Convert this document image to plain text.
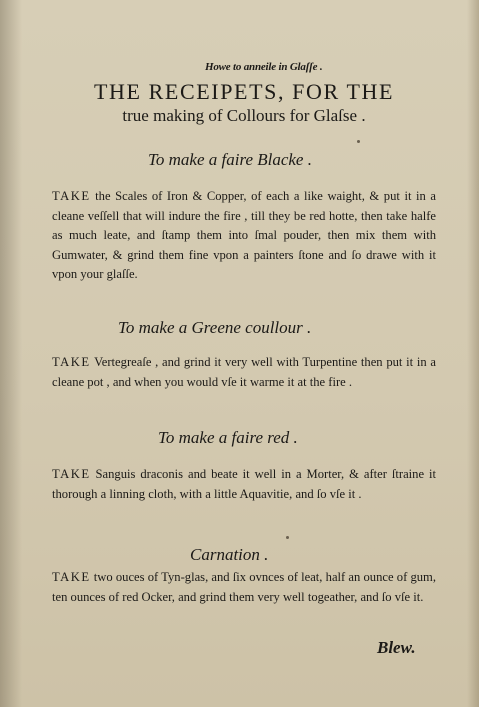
Howe to anneile in Glaſſe .
THE RECEIPETS, FOR THE
true making of Collours for Glaſse .
To make a faire Blacke .
TAKE the Scales of Iron & Copper, of each a like waight, & put it in a cleane veſſell that will indure the fire , till they be red hotte, then take halfe as much leate, and ſtamp them into ſmal pouder, then mix them with Gumwater, & grind them fine vpon a painters ſtone and ſo drawe with it vpon your glaſſe.
To make a Greene coullour .
TAKE Vertegreaſe , and grind it very well with Turpentine then put it in a cleane pot , and when you would vſe it warme it at the fire .
To make a faire red .
TAKE Sanguis draconis and beate it well in a Morter, & after ſtraine it thorough a linning cloth, with a little Aquavitie, and ſo vſe it .
Carnation .
TAKE two ouces of Tyn-glas, and ſix ovnces of leat, half an ounce of gum, ten ounces of red Ocker, and grind them very well togeather, and ſo vſe it.
Blew.
